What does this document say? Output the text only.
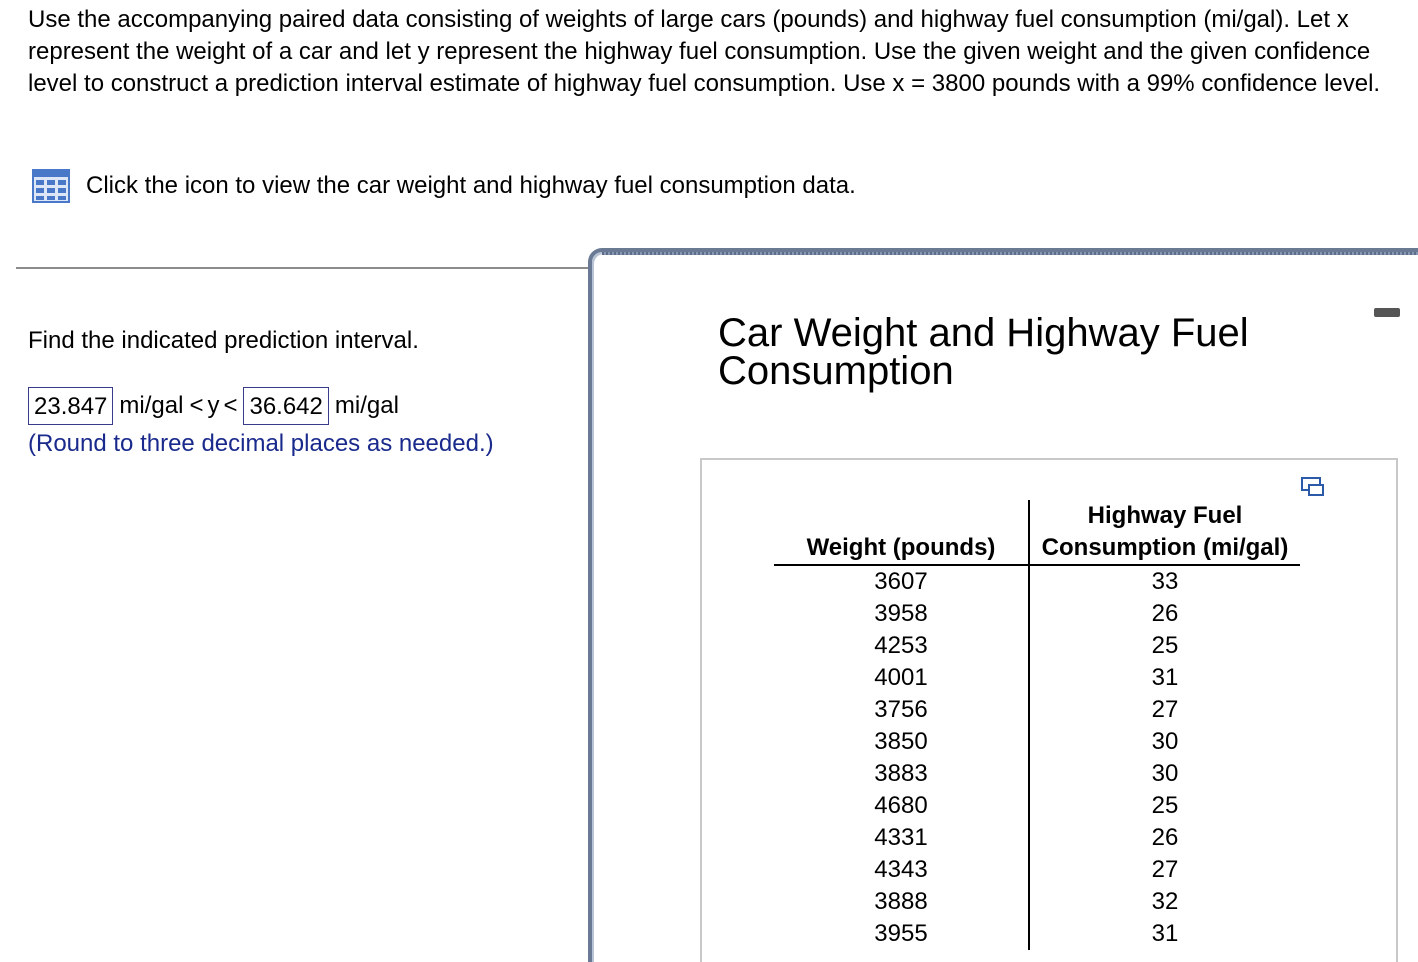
Use the accompanying paired data consisting of weights of large cars (pounds) and highway fuel consumption (mi/gal). Let x represent the weight of a car and let y represent the highway fuel consumption. Use the given weight and the given confidence level to construct a prediction interval estimate of highway fuel consumption. Use x = 3800 pounds with a 99% confidence level.

Click the icon to view the car weight and highway fuel consumption data.

Find the indicated prediction interval.

23.847 mi/gal < y < 36.642 mi/gal

(Round to three decimal places as needed.)

Car Weight and Highway Fuel Consumption
Weight (pounds)	Highway Fuel
Consumption (mi/gal)
3607	33
3958	26
4253	25
4001	31
3756	27
3850	30
3883	30
4680	25
4331	26
4343	27
3888	32
3955	31
